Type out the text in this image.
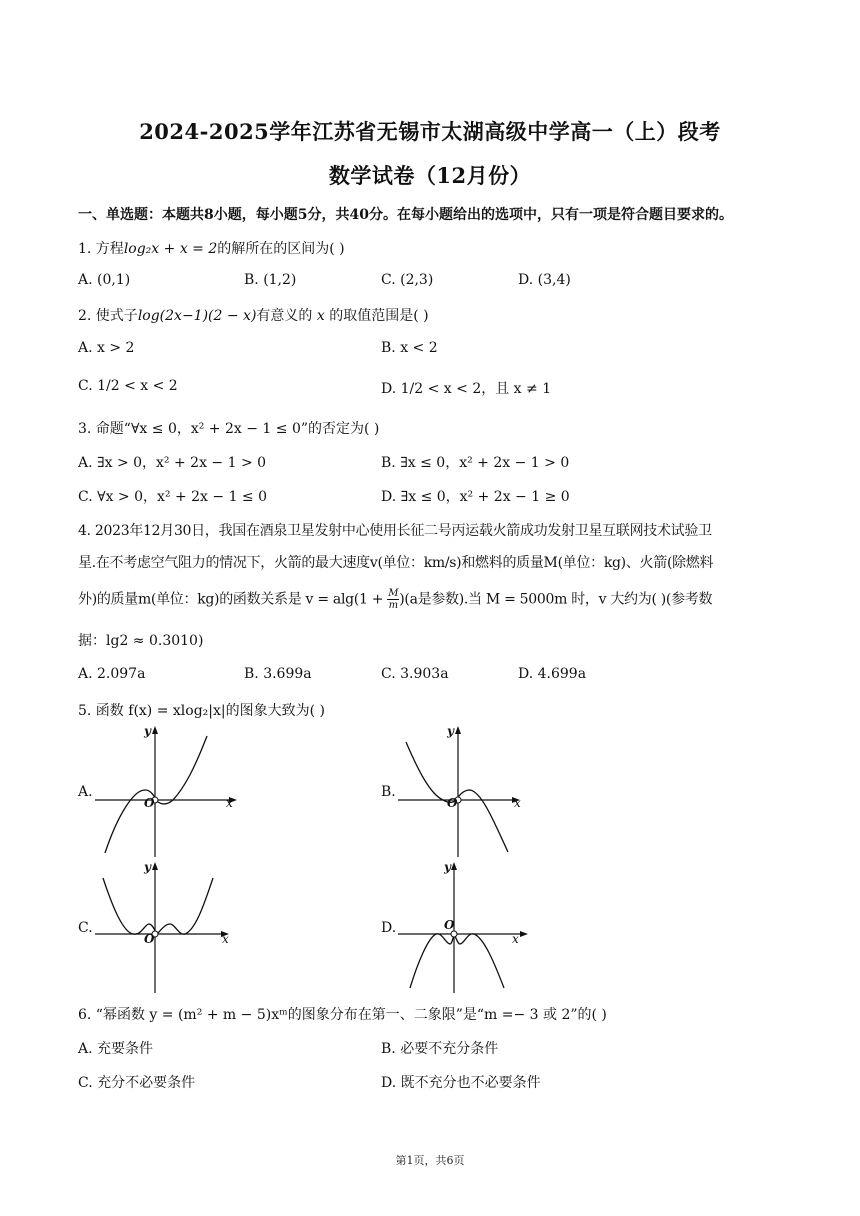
2024-2025学年江苏省无锡市太湖高级中学高一（上）段考
数学试卷（12月份）
一、单选题：本题共8小题，每小题5分，共40分。在每小题给出的选项中，只有一项是符合题目要求的。
1. 方程log₂x + x = 2的解所在的区间为( )
A. (0,1)	B. (1,2)	C. (2,3)	D. (3,4)
2. 使式子log(2x−1)(2 − x)有意义的 x 的取值范围是( )
A. x > 2	B. x < 2
C. 1/2 < x < 2	D. 1/2 < x < 2，且 x ≠ 1
3. 命题“∀x ≤ 0，x² + 2x − 1 ≤ 0”的否定为( )
A. ∃x > 0，x² + 2x − 1 > 0	B. ∃x ≤ 0，x² + 2x − 1 > 0
C. ∀x > 0，x² + 2x − 1 ≤ 0	D. ∃x ≤ 0，x² + 2x − 1 ≥ 0
4. 2023年12月30日，我国在酒泉卫星发射中心使用长征二号丙运载火箭成功发射卫星互联网技术试验卫
星.在不考虑空气阻力的情况下，火箭的最大速度v(单位：km/s)和燃料的质量M(单位：kg)、火箭(除燃料
外)的质量m(单位：kg)的函数关系是 $v = alg(1 + \frac{M}{m} )(a$是参数).当 M = 5000m 时，v 大约为( )(参考数
据：lg2 ≈ 0.3010)
A. 2.097a	B. 3.699a	C. 3.903a	D. 4.699a
5. 函数 f(x) = xlog₂|x|的图象大致为( )
A.
y
x
O
B.
y
x
O
C.
y
x
O
D.
y
x
O
6. “幂函数 y = (m² + m − 5)xᵐ的图象分布在第一、二象限”是“m =− 3 或 2”的( )
A. 充要条件	B. 必要不充分条件
C. 充分不必要条件	D. 既不充分也不必要条件
第1页，共6页
